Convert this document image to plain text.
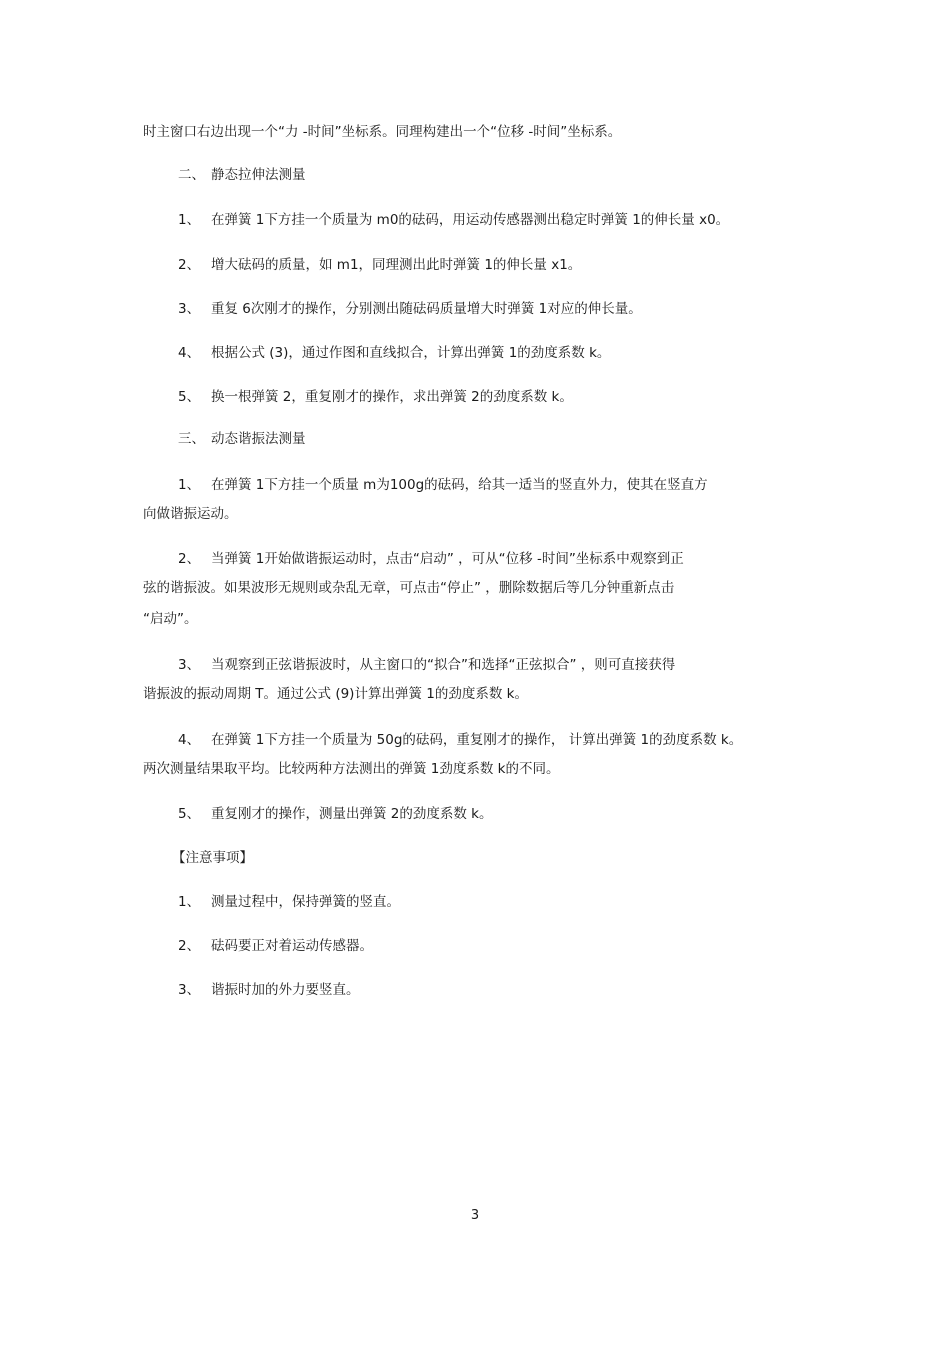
时主窗口右边出现一个“力 -时间”坐标系。同理构建出一个“位移 -时间”坐标系。
二、 静态拉伸法测量
1、 在弹簧 1下方挂一个质量为 m0的砝码，用运动传感器测出稳定时弹簧 1的伸长量 x0。
2、 增大砝码的质量，如 m1，同理测出此时弹簧 1的伸长量 x1。
3、 重复 6次刚才的操作，分别测出随砝码质量增大时弹簧 1对应的伸长量。
4、 根据公式 (3)，通过作图和直线拟合，计算出弹簧 1的劲度系数 k。
5、 换一根弹簧 2，重复刚才的操作，求出弹簧 2的劲度系数 k。
三、 动态谐振法测量
1、 在弹簧 1下方挂一个质量 m为100g的砝码，给其一适当的竖直外力，使其在竖直方
向做谐振运动。
2、 当弹簧 1开始做谐振运动时，点击“启动” ，可从“位移 -时间”坐标系中观察到正
弦的谐振波。如果波形无规则或杂乱无章，可点击“停止” ，删除数据后等几分钟重新点击
“启动”。
3、 当观察到正弦谐振波时，从主窗口的“拟合”和选择“正弦拟合” ，则可直接获得
谐振波的振动周期 T。通过公式 (9)计算出弹簧 1的劲度系数 k。
4、 在弹簧 1下方挂一个质量为 50g的砝码，重复刚才的操作， 计算出弹簧 1的劲度系数 k。
两次测量结果取平均。比较两种方法测出的弹簧 1劲度系数 k的不同。
5、 重复刚才的操作，测量出弹簧 2的劲度系数 k。
【注意事项】
1、 测量过程中，保持弹簧的竖直。
2、 砝码要正对着运动传感器。
3、 谐振时加的外力要竖直。
3
